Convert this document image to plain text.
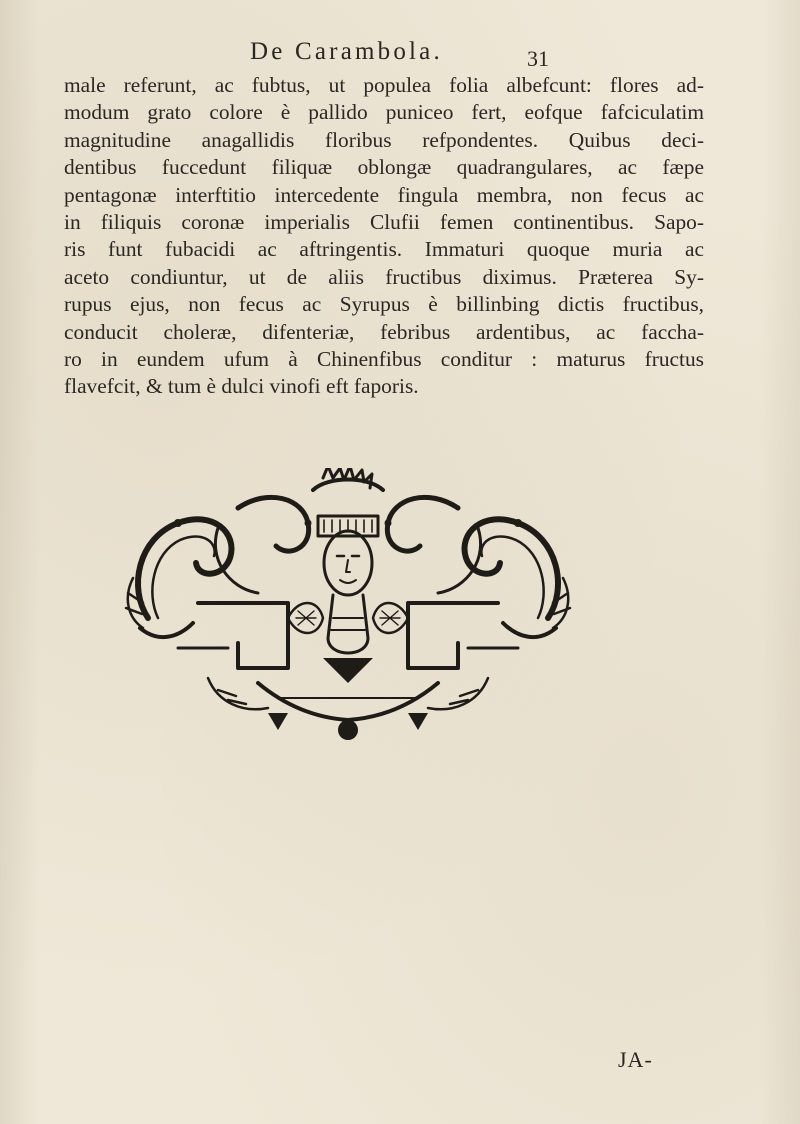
De Carambola.	31
male referunt, ac fubtus, ut populea folia albefcunt: flores ad-
modum grato colore è pallido puniceo fert, eofque fafciculatim
magnitudine anagallidis floribus refpondentes. Quibus deci-
dentibus fuccedunt filiquæ oblongæ quadrangulares, ac fæpe
pentagonæ interftitio intercedente fingula membra, non fecus ac
in filiquis coronæ imperialis Clufii femen continentibus. Sapo-
ris funt fubacidi ac aftringentis. Immaturi quoque muria ac
aceto condiuntur, ut de aliis fructibus diximus. Præterea Sy-
rupus ejus, non fecus ac Syrupus è billinbing dictis fructibus,
conducit choleræ, difenteriæ, febribus ardentibus, ac faccha-
ro in eundem ufum à Chinenfibus conditur : maturus fructus
flavefcit, & tum è dulci vinofi eft faporis.
JA-
